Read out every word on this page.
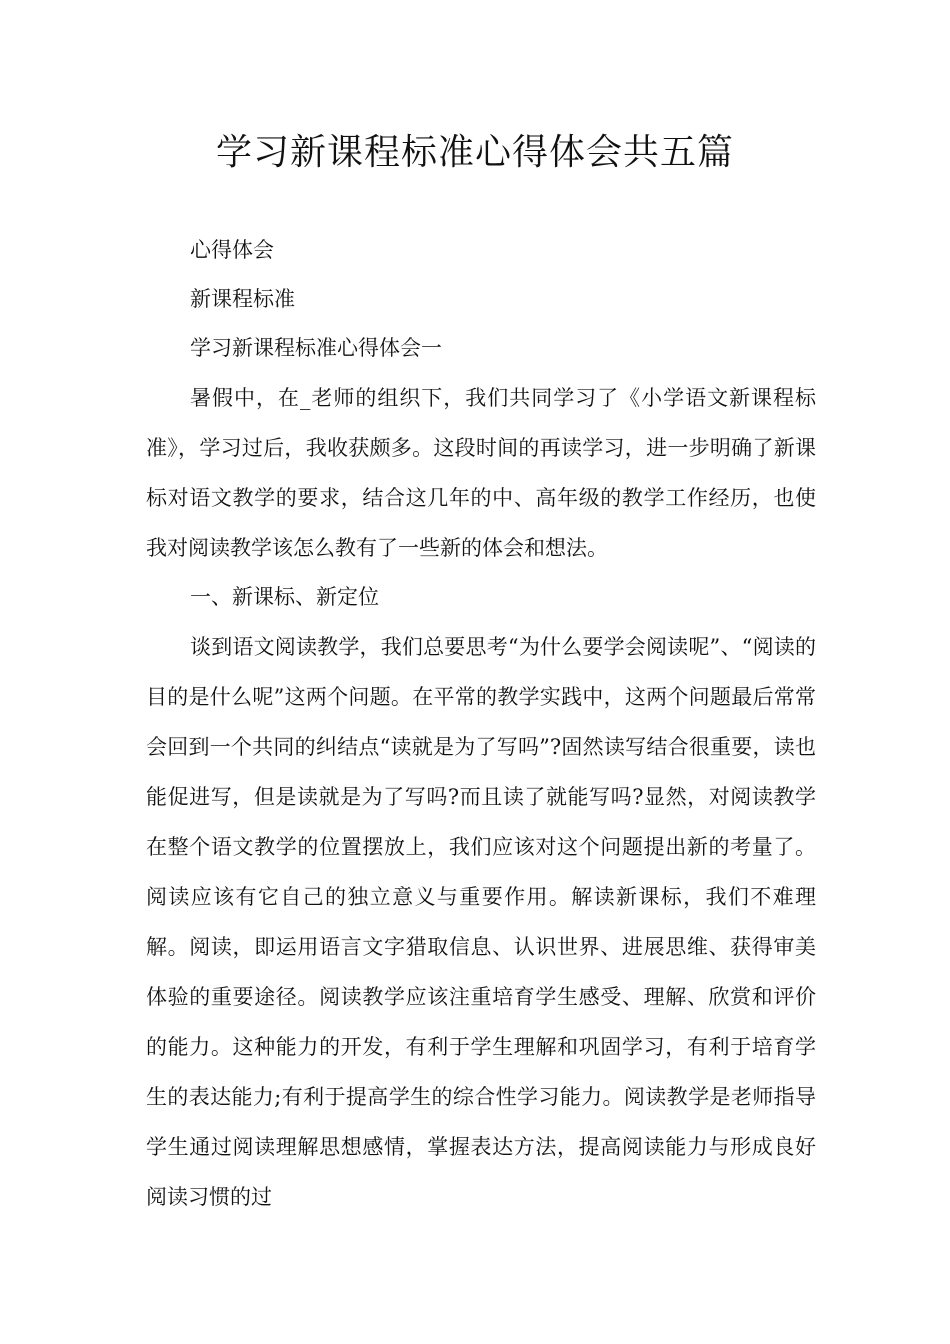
学习新课程标准心得体会共五篇

心得体会

新课程标准

学习新课程标准心得体会一

暑假中，在_老师的组织下，我们共同学习了《小学语文新课程标准》，学习过后，我收获颇多。这段时间的再读学习，进一步明确了新课标对语文教学的要求，结合这几年的中、高年级的教学工作经历，也使我对阅读教学该怎么教有了一些新的体会和想法。

一、新课标、新定位

谈到语文阅读教学，我们总要思考“为什么要学会阅读呢”、“阅读的目的是什么呢”这两个问题。在平常的教学实践中，这两个问题最后常常会回到一个共同的纠结点“读就是为了写吗”?固然读写结合很重要，读也能促进写，但是读就是为了写吗?而且读了就能写吗?显然，对阅读教学在整个语文教学的位置摆放上，我们应该对这个问题提出新的考量了。阅读应该有它自己的独立意义与重要作用。解读新课标，我们不难理解。阅读，即运用语言文字猎取信息、认识世界、进展思维、获得审美体验的重要途径。阅读教学应该注重培育学生感受、理解、欣赏和评价的能力。这种能力的开发，有利于学生理解和巩固学习，有利于培育学生的表达能力;有利于提高学生的综合性学习能力。阅读教学是老师指导学生通过阅读理解思想感情，掌握表达方法，提高阅读能力与形成良好阅读习惯的过
